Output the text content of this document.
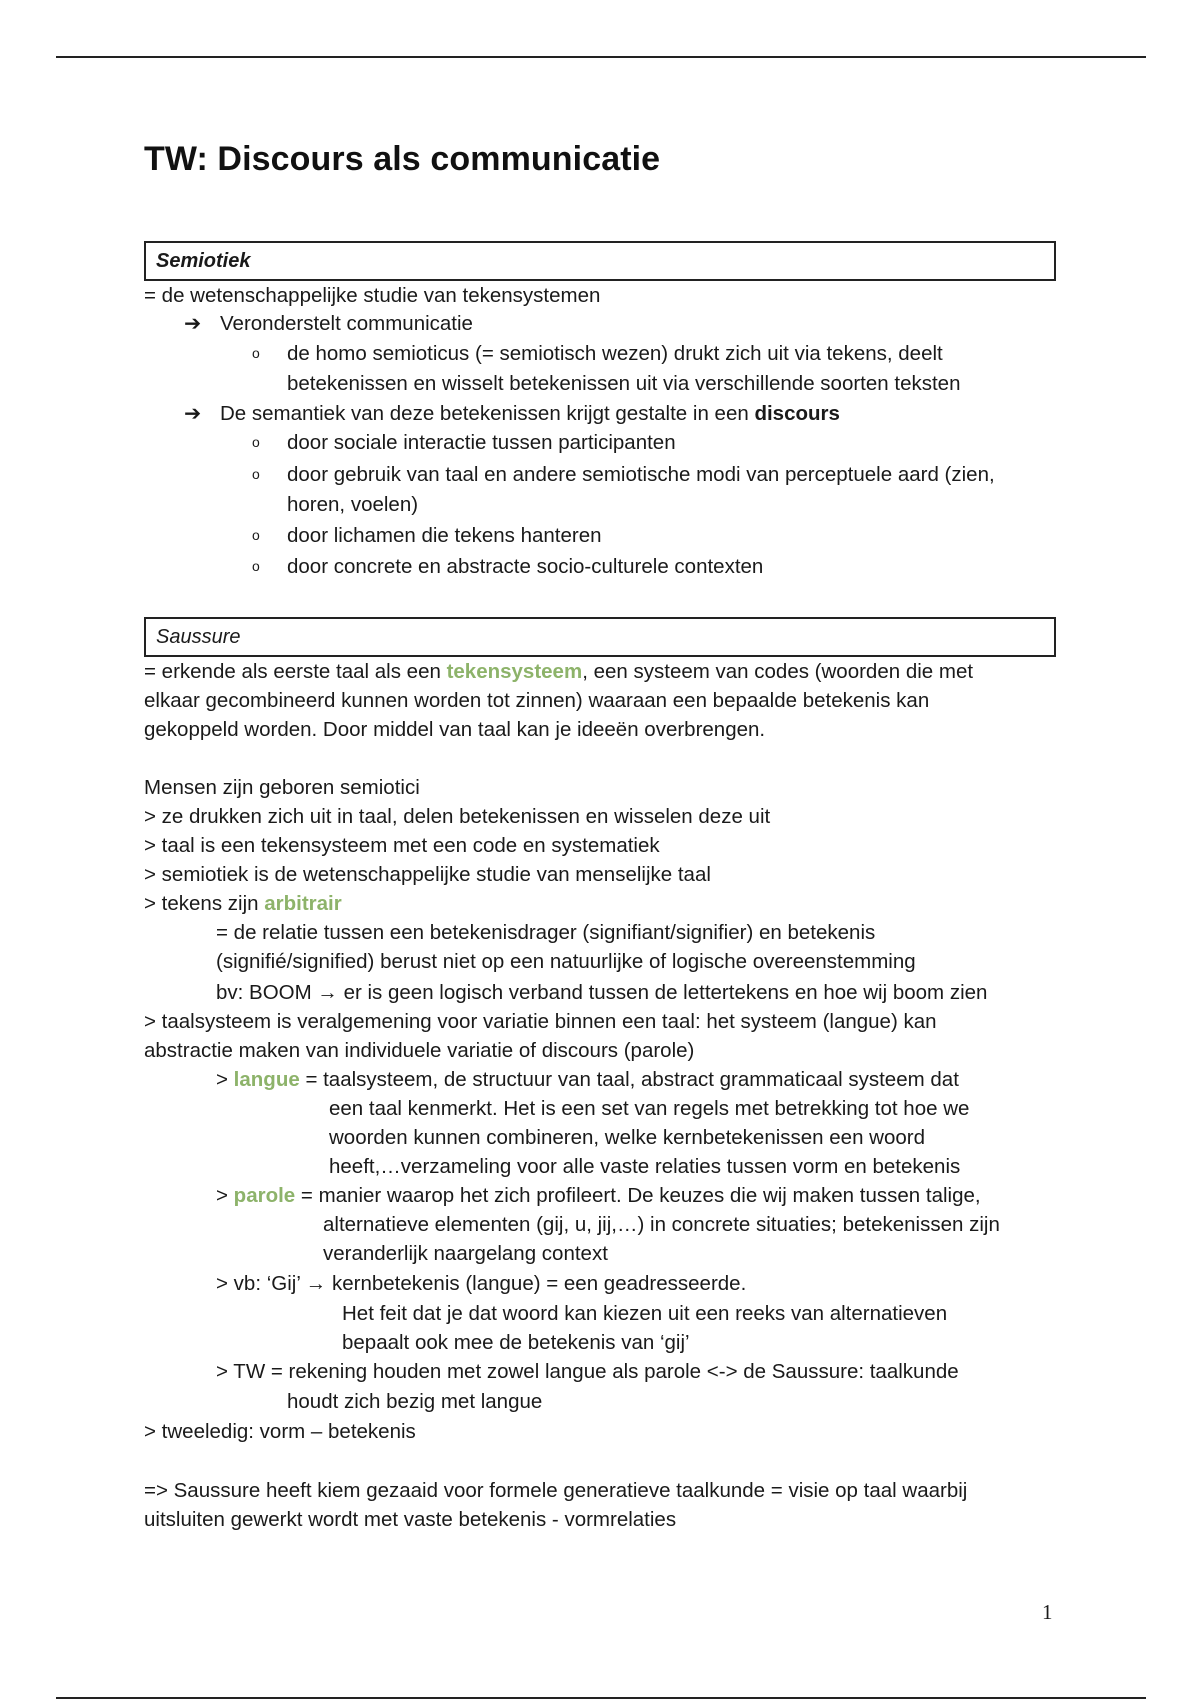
TW: Discours als communicatie
Semiotiek
= de wetenschappelijke studie van tekensystemen
➔ Veronderstelt communicatie
o de homo semioticus (= semiotisch wezen) drukt zich uit via tekens, deelt
betekenissen en wisselt betekenissen uit via verschillende soorten teksten
➔ De semantiek van deze betekenissen krijgt gestalte in een discours
o door sociale interactie tussen participanten
o door gebruik van taal en andere semiotische modi van perceptuele aard (zien,
horen, voelen)
o door lichamen die tekens hanteren
o door concrete en abstracte socio-culturele contexten
Saussure
= erkende als eerste taal als een tekensysteem, een systeem van codes (woorden die met
elkaar gecombineerd kunnen worden tot zinnen) waaraan een bepaalde betekenis kan
gekoppeld worden. Door middel van taal kan je ideeën overbrengen.
Mensen zijn geboren semiotici
> ze drukken zich uit in taal, delen betekenissen en wisselen deze uit
> taal is een tekensysteem met een code en systematiek
> semiotiek is de wetenschappelijke studie van menselijke taal
> tekens zijn arbitrair
= de relatie tussen een betekenisdrager (signifiant/signifier) en betekenis
(signifié/signified) berust niet op een natuurlijke of logische overeenstemming
bv: BOOM → er is geen logisch verband tussen de lettertekens en hoe wij boom zien
> taalsysteem is veralgemening voor variatie binnen een taal: het systeem (langue) kan
abstractie maken van individuele variatie of discours (parole)
> langue = taalsysteem, de structuur van taal, abstract grammaticaal systeem dat
een taal kenmerkt. Het is een set van regels met betrekking tot hoe we
woorden kunnen combineren, welke kernbetekenissen een woord
heeft,…verzameling voor alle vaste relaties tussen vorm en betekenis
> parole = manier waarop het zich profileert. De keuzes die wij maken tussen talige,
alternatieve elementen (gij, u, jij,…) in concrete situaties; betekenissen zijn
veranderlijk naargelang context
> vb: ‘Gij’ → kernbetekenis (langue) = een geadresseerde.
Het feit dat je dat woord kan kiezen uit een reeks van alternatieven
bepaalt ook mee de betekenis van ‘gij’
> TW = rekening houden met zowel langue als parole <-> de Saussure: taalkunde
houdt zich bezig met langue
> tweeledig: vorm – betekenis
=> Saussure heeft kiem gezaaid voor formele generatieve taalkunde = visie op taal waarbij
uitsluiten gewerkt wordt met vaste betekenis - vormrelaties
1
